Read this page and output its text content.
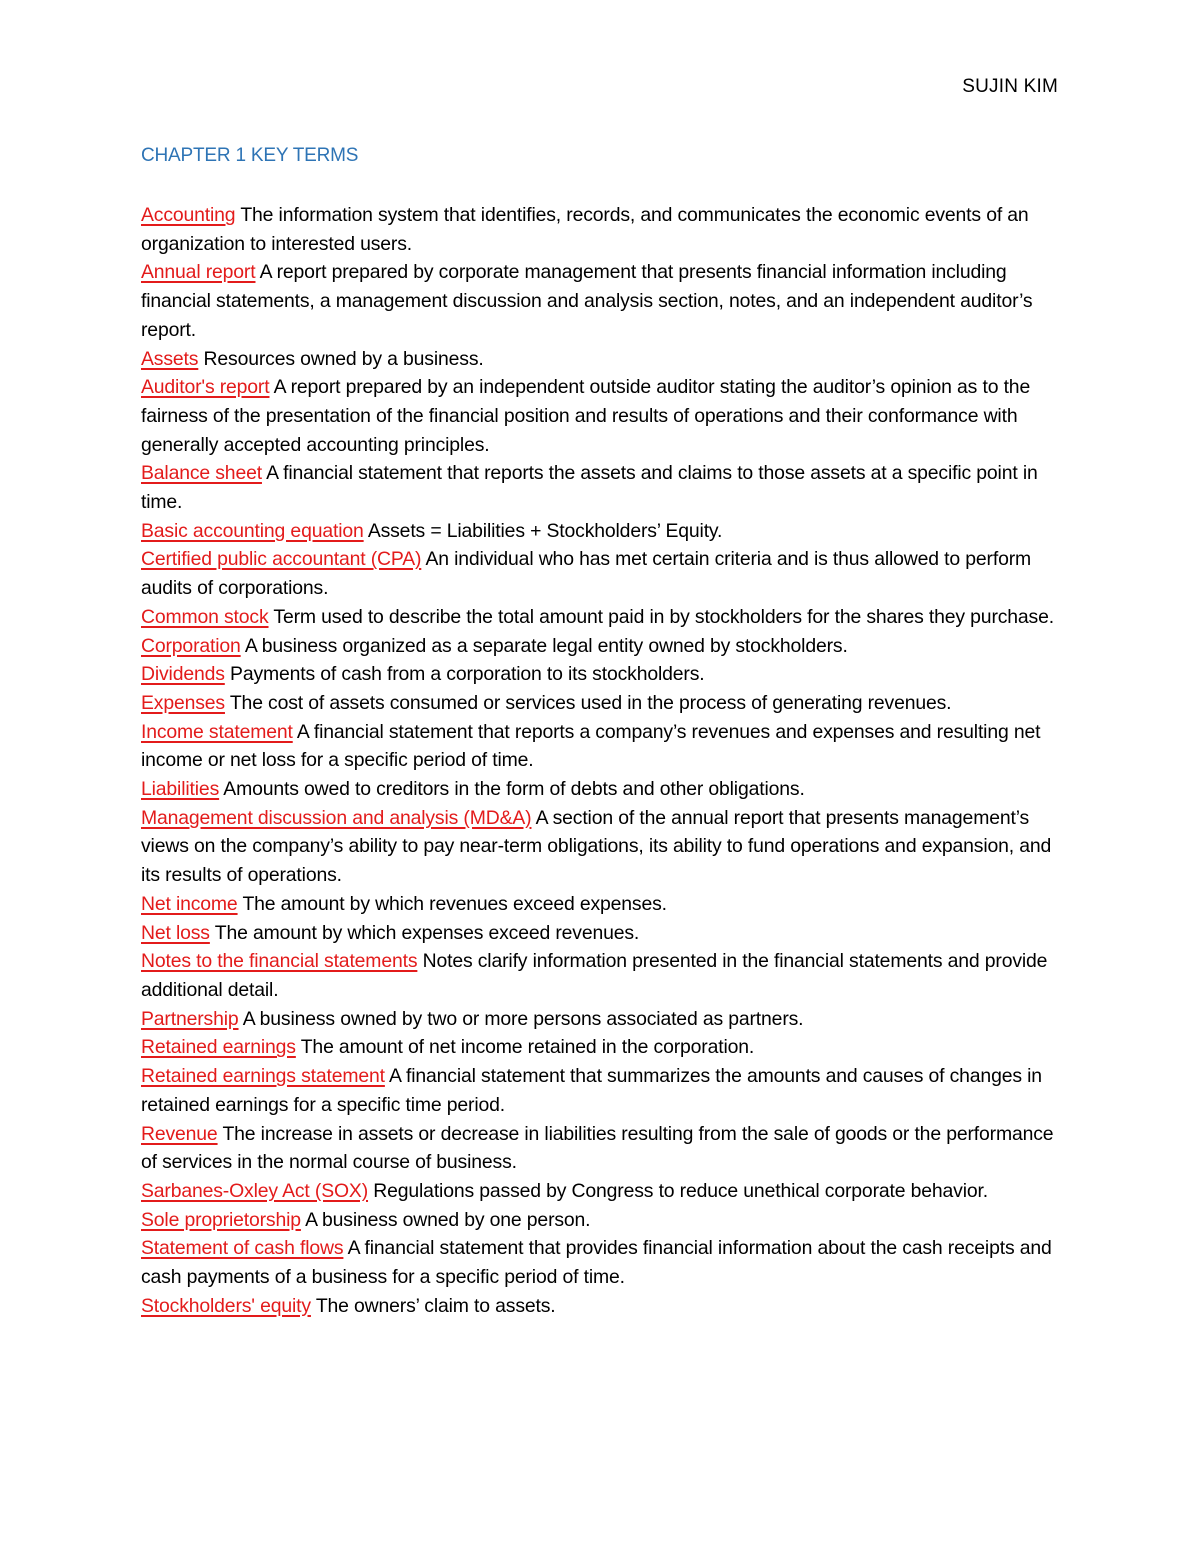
SUJIN KIM
CHAPTER 1 KEY TERMS

Accounting The information system that identifies, records, and communicates the economic events of an organization to interested users.

Annual report A report prepared by corporate management that presents financial information including financial statements, a management discussion and analysis section, notes, and an independent auditor’s report.

Assets Resources owned by a business.

Auditor's report A report prepared by an independent outside auditor stating the auditor’s opinion as to the fairness of the presentation of the financial position and results of operations and their conformance with generally accepted accounting principles.

Balance sheet A financial statement that reports the assets and claims to those assets at a specific point in time.

Basic accounting equation Assets = Liabilities + Stockholders’ Equity.

Certified public accountant (CPA) An individual who has met certain criteria and is thus allowed to perform audits of corporations.

Common stock Term used to describe the total amount paid in by stockholders for the shares they purchase.

Corporation A business organized as a separate legal entity owned by stockholders.

Dividends Payments of cash from a corporation to its stockholders.

Expenses The cost of assets consumed or services used in the process of generating revenues.

Income statement A financial statement that reports a company’s revenues and expenses and resulting net income or net loss for a specific period of time.

Liabilities Amounts owed to creditors in the form of debts and other obligations.

Management discussion and analysis (MD&A) A section of the annual report that presents management’s views on the company’s ability to pay near-term obligations, its ability to fund operations and expansion, and its results of operations.

Net income The amount by which revenues exceed expenses.

Net loss The amount by which expenses exceed revenues.

Notes to the financial statements Notes clarify information presented in the financial statements and provide additional detail.

Partnership A business owned by two or more persons associated as partners.

Retained earnings The amount of net income retained in the corporation.

Retained earnings statement A financial statement that summarizes the amounts and causes of changes in retained earnings for a specific time period.

Revenue The increase in assets or decrease in liabilities resulting from the sale of goods or the performance of services in the normal course of business.

Sarbanes-Oxley Act (SOX) Regulations passed by Congress to reduce unethical corporate behavior.

Sole proprietorship A business owned by one person.

Statement of cash flows A financial statement that provides financial information about the cash receipts and cash payments of a business for a specific period of time.

Stockholders' equity The owners’ claim to assets.
